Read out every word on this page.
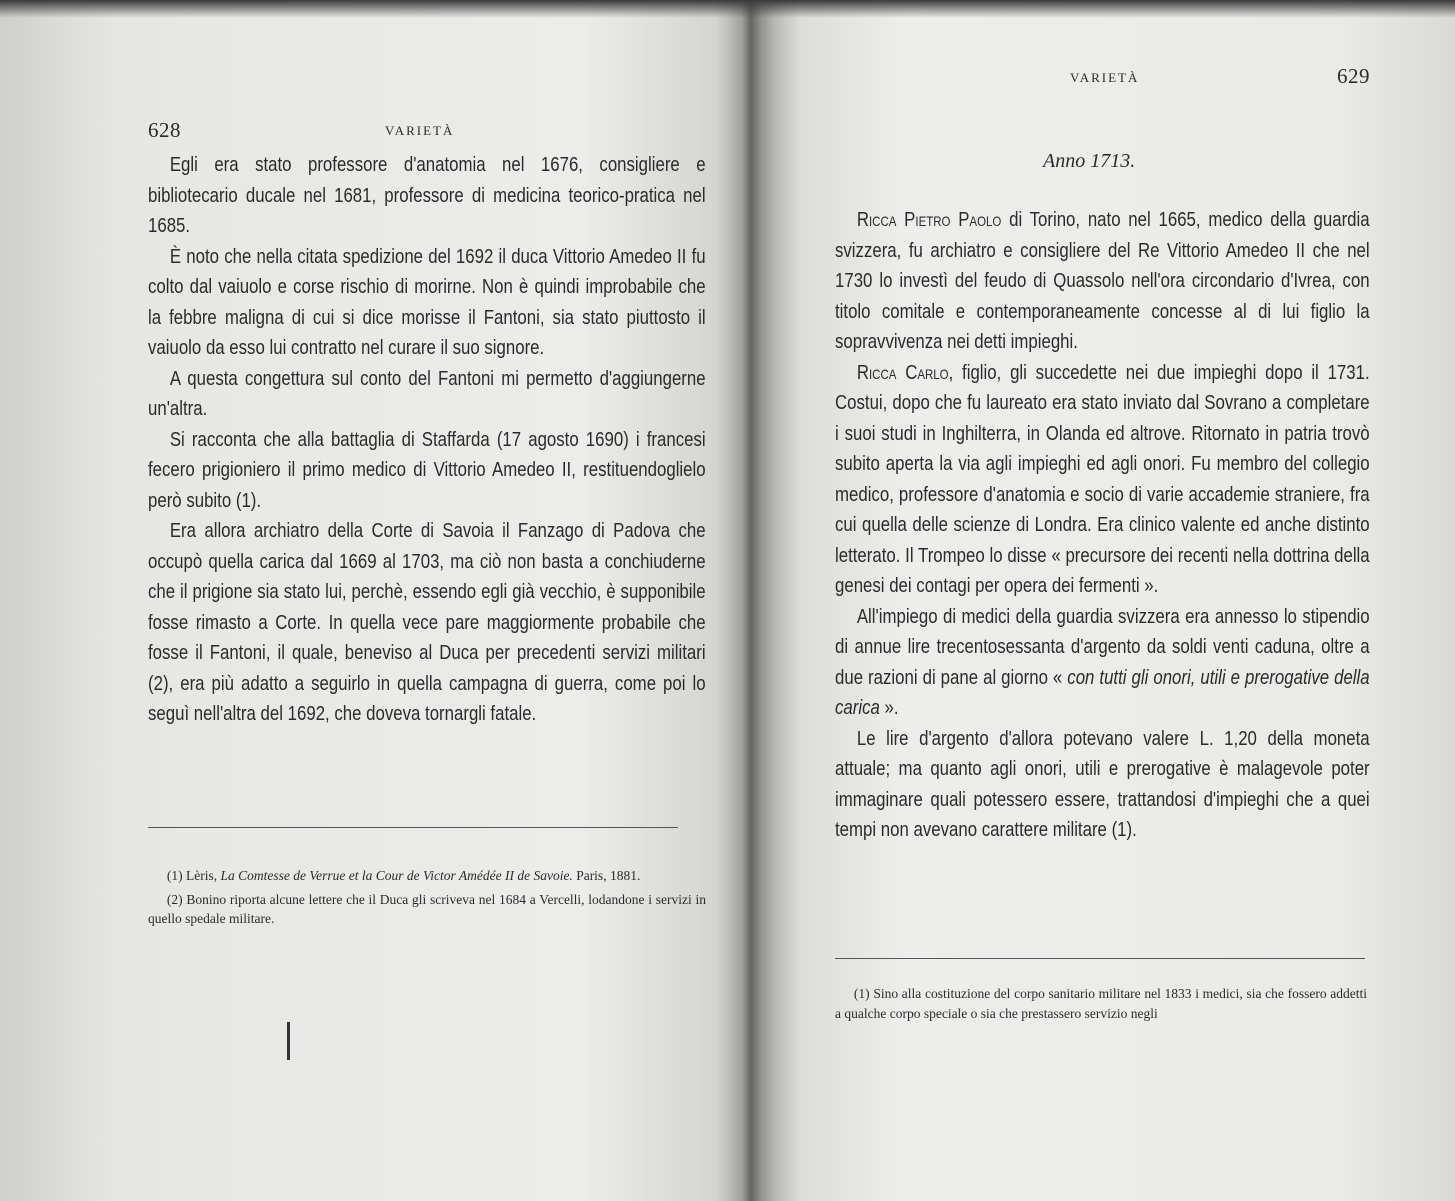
628	VARIETÀ

Egli era stato professore d'anatomia nel 1676, consigliere e bibliotecario ducale nel 1681, professore di medicina teorico-pratica nel 1685.

È noto che nella citata spedizione del 1692 il duca Vittorio Amedeo II fu colto dal vaiuolo e corse rischio di morirne. Non è quindi improbabile che la febbre maligna di cui si dice morisse il Fantoni, sia stato piuttosto il vaiuolo da esso lui contratto nel curare il suo signore.

A questa congettura sul conto del Fantoni mi permetto d'aggiungerne un'altra.

Si racconta che alla battaglia di Staffarda (17 agosto 1690) i francesi fecero prigioniero il primo medico di Vittorio Amedeo II, restituendoglielo però subito (1).

Era allora archiatro della Corte di Savoia il Fanzago di Padova che occupò quella carica dal 1669 al 1703, ma ciò non basta a conchiuderne che il prigione sia stato lui, perchè, essendo egli già vecchio, è supponibile fosse rimasto a Corte. In quella vece pare maggiormente probabile che fosse il Fantoni, il quale, beneviso al Duca per precedenti servizi militari (2), era più adatto a seguirlo in quella campagna di guerra, come poi lo seguì nell'altra del 1692, che doveva tornargli fatale.

(1) Lèris, La Comtesse de Verrue et la Cour de Victor Amédée II de Savoie. Paris, 1881.

(2) Bonino riporta alcune lettere che il Duca gli scriveva nel 1684 a Vercelli, lodandone i servizi in quello spedale militare.

VARIETÀ	629
Anno 1713.

Ricca Pietro Paolo di Torino, nato nel 1665, medico della guardia svizzera, fu archiatro e consigliere del Re Vittorio Amedeo II che nel 1730 lo investì del feudo di Quassolo nell'ora circondario d'Ivrea, con titolo comitale e contemporaneamente concesse al di lui figlio la sopravvivenza nei detti impieghi.

Ricca Carlo, figlio, gli succedette nei due impieghi dopo il 1731. Costui, dopo che fu laureato era stato inviato dal Sovrano a completare i suoi studi in Inghilterra, in Olanda ed altrove. Ritornato in patria trovò subito aperta la via agli impieghi ed agli onori. Fu membro del collegio medico, professore d'anatomia e socio di varie accademie straniere, fra cui quella delle scienze di Londra. Era clinico valente ed anche distinto letterato. Il Trompeo lo disse « precursore dei recenti nella dottrina della genesi dei contagi per opera dei fermenti ».

All'impiego di medici della guardia svizzera era annesso lo stipendio di annue lire trecentosessanta d'argento da soldi venti caduna, oltre a due razioni di pane al giorno « con tutti gli onori, utili e prerogative della carica ».

Le lire d'argento d'allora potevano valere L. 1,20 della moneta attuale; ma quanto agli onori, utili e prerogative è malagevole poter immaginare quali potessero essere, trattandosi d'impieghi che a quei tempi non avevano carattere militare (1).

(1) Sino alla costituzione del corpo sanitario militare nel 1833 i medici, sia che fossero addetti a qualche corpo speciale o sia che prestassero servizio negli
